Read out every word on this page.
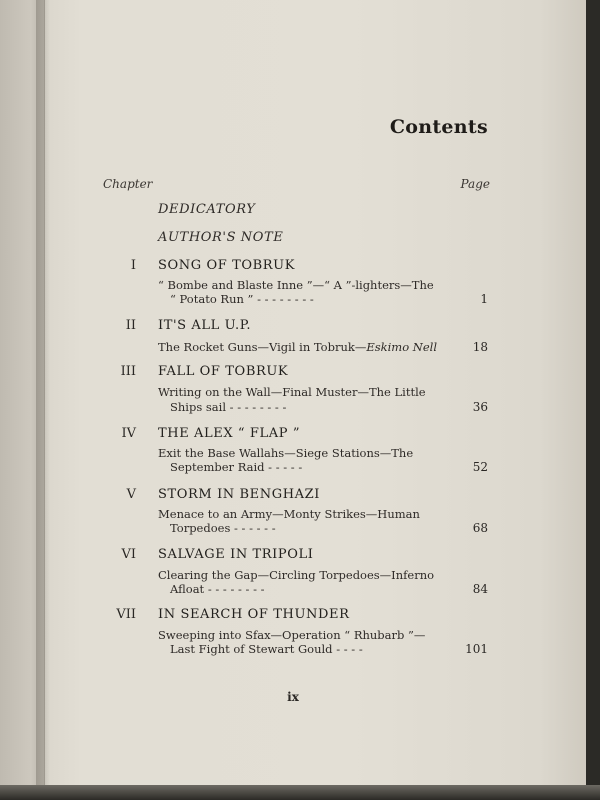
Contents
Chapter	Page
DEDICATORY
AUTHOR'S NOTE
I SONG OF TOBRUK
“ Bombe and Blaste Inne ”—“ A ”-lighters—The
“ Potato Run ” - - - - - - - -	1
II IT'S ALL U.P.
The Rocket Guns—Vigil in Tobruk—Eskimo Nell	18
III FALL OF TOBRUK
Writing on the Wall—Final Muster—The Little
Ships sail - - - - - - - -	36
IV THE ALEX “ FLAP ”
Exit the Base Wallahs—Siege Stations—The
September Raid - - - - -	52
V STORM IN BENGHAZI
Menace to an Army—Monty Strikes—Human
Torpedoes - - - - - -	68
VI SALVAGE IN TRIPOLI
Clearing the Gap—Circling Torpedoes—Inferno
Afloat - - - - - - - -	84
VII IN SEARCH OF THUNDER
Sweeping into Sfax—Operation “ Rhubarb ”—
Last Fight of Stewart Gould - - - -	101
ix
